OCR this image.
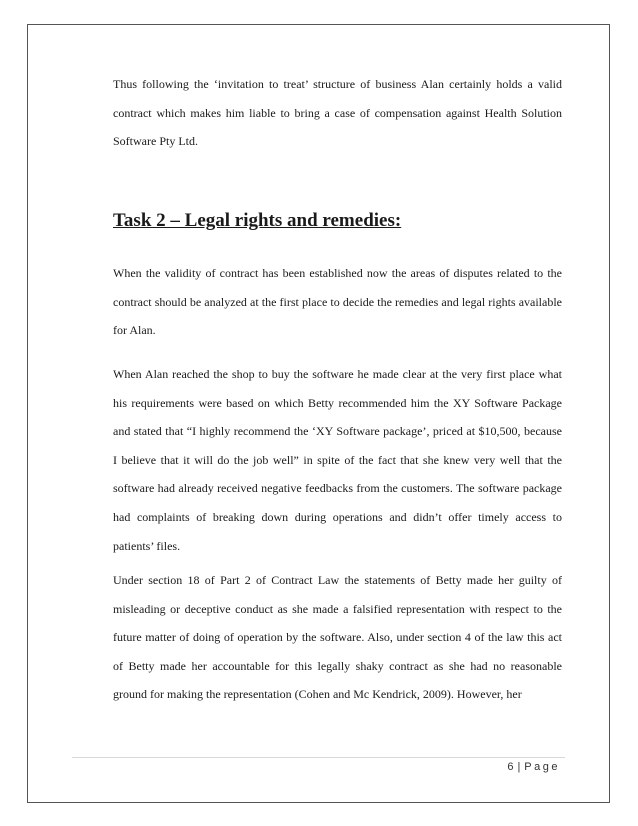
Thus following the ‘invitation to treat’ structure of business Alan certainly holds a valid contract which makes him liable to bring a case of compensation against Health Solution Software Pty Ltd.

Task 2 – Legal rights and remedies:

When the validity of contract has been established now the areas of disputes related to the contract should be analyzed at the first place to decide the remedies and legal rights available for Alan.

When Alan reached the shop to buy the software he made clear at the very first place what his requirements were based on which Betty recommended him the XY Software Package and stated that “I highly recommend the ‘XY Software package’, priced at $10,500, because I believe that it will do the job well” in spite of the fact that she knew very well that the software had already received negative feedbacks from the customers. The software package had complaints of breaking down during operations and didn’t offer timely access to patients’ files.

Under section 18 of Part 2 of Contract Law the statements of Betty made her guilty of misleading or deceptive conduct as she made a falsified representation with respect to the future matter of doing of operation by the software. Also, under section 4 of the law this act of Betty made her accountable for this legally shaky contract as she had no reasonable ground for making the representation (Cohen and Mc Kendrick, 2009). However, her

6 | Page
